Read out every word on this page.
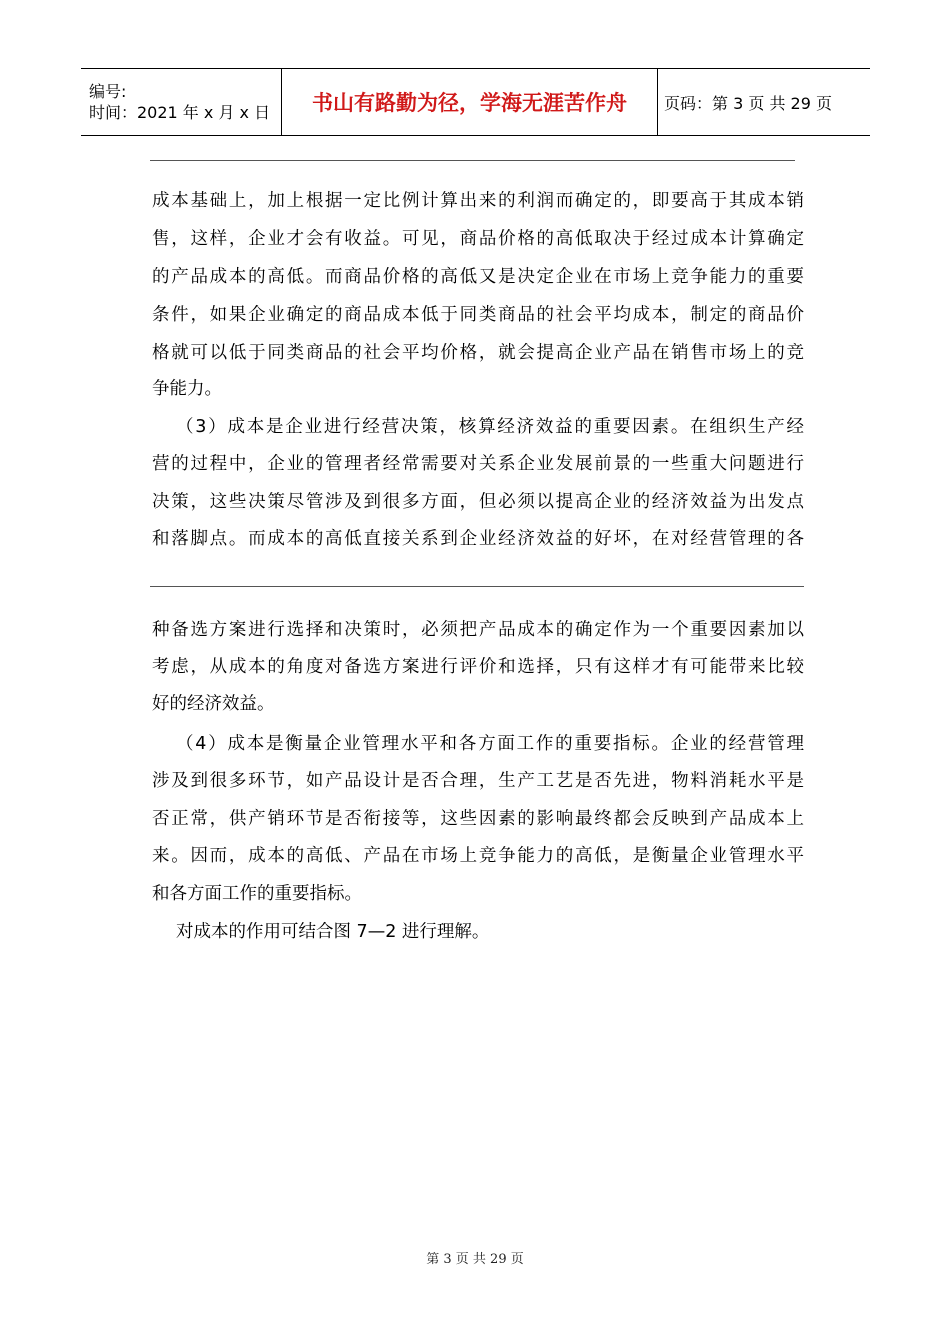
编号:
时间：2021 年 x 月 x 日	书山有路勤为径，学海无涯苦作舟 页码：第 3 页 共 29 页
成本基础上，加上根据一定比例计算出来的利润而确定的，即要高于其成本销
售，这样，企业才会有收益。可见，商品价格的高低取决于经过成本计算确定
的产品成本的高低。而商品价格的高低又是决定企业在市场上竞争能力的重要
条件，如果企业确定的商品成本低于同类商品的社会平均成本，制定的商品价
格就可以低于同类商品的社会平均价格，就会提高企业产品在销售市场上的竞
争能力。
（3）成本是企业进行经营决策，核算经济效益的重要因素。在组织生产经
营的过程中，企业的管理者经常需要对关系企业发展前景的一些重大问题进行
决策，这些决策尽管涉及到很多方面，但必须以提高企业的经济效益为出发点
和落脚点。而成本的高低直接关系到企业经济效益的好坏，在对经营管理的各
种备选方案进行选择和决策时，必须把产品成本的确定作为一个重要因素加以
考虑，从成本的角度对备选方案进行评价和选择，只有这样才有可能带来比较
好的经济效益。
（4）成本是衡量企业管理水平和各方面工作的重要指标。企业的经营管理
涉及到很多环节，如产品设计是否合理，生产工艺是否先进，物料消耗水平是
否正常，供产销环节是否衔接等，这些因素的影响最终都会反映到产品成本上
来。因而，成本的高低、产品在市场上竞争能力的高低，是衡量企业管理水平
和各方面工作的重要指标。
对成本的作用可结合图 7—2 进行理解。
第 3 页 共 29 页
